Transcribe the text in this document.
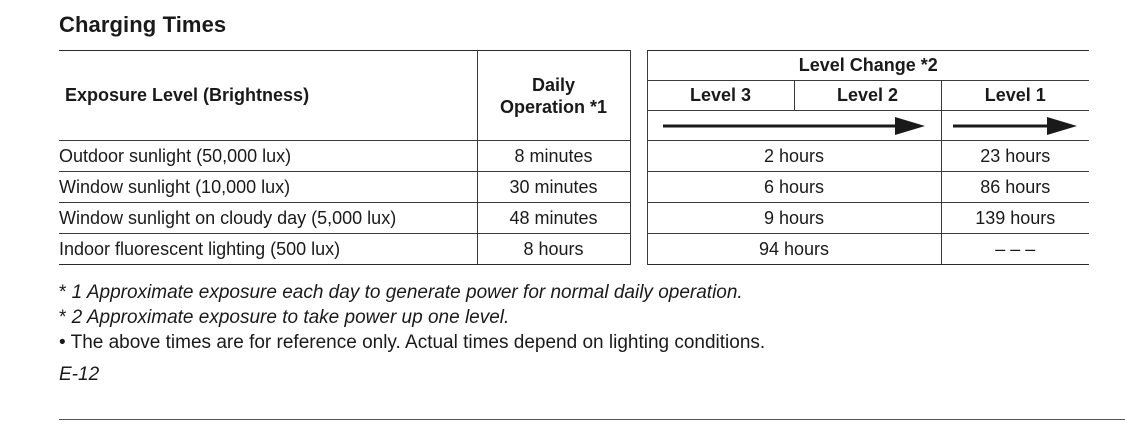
Charging Times
Exposure Level (Brightness)	Daily Operation *1		Level Change *2		
			Level 3	Level 2	Level 1

Outdoor sunlight (50,000 lux)	8 minutes		2 hours		23 hours
Window sunlight (10,000 lux)	30 minutes		6 hours		86 hours
Window sunlight on cloudy day (5,000 lux)	48 minutes		9 hours		139 hours
Indoor fluorescent lighting (500 lux)	8 hours		94 hours		– – –
* 1 Approximate exposure each day to generate power for normal daily operation.
* 2 Approximate exposure to take power up one level.
• The above times are for reference only. Actual times depend on lighting conditions.
E-12
